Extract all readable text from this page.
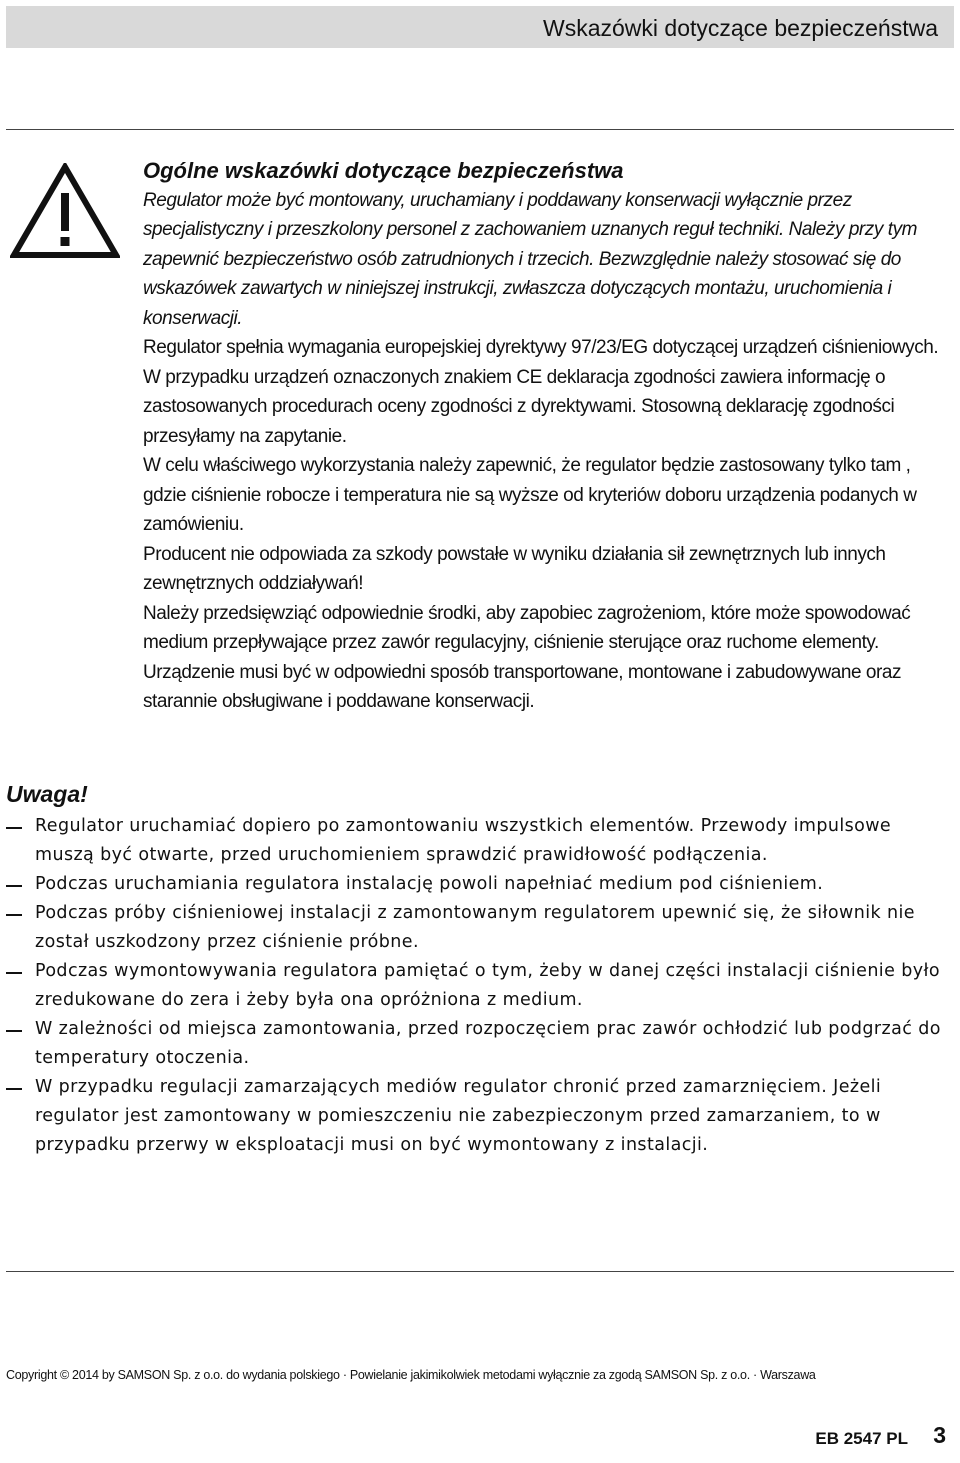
Wskazówki dotyczące bezpieczeństwa

Ogólne wskazówki dotyczące bezpieczeństwa

Regulator może być montowany, uruchamiany i poddawany konserwacji wyłącznie przez specjalistyczny i przeszkolony personel z zachowaniem uznanych reguł techniki. Należy przy tym zapewnić bezpieczeństwo osób zatrudnionych i trzecich. Bezwzględnie należy stosować się do wskazówek zawartych w niniejszej instrukcji, zwłaszcza dotyczących montażu, uruchomienia i konserwacji.

Regulator spełnia wymagania europejskiej dyrektywy 97/23/EG dotyczącej urządzeń ciśnieniowych. W przypadku urządzeń oznaczonych znakiem CE deklaracja zgodności zawiera informację o zastosowanych procedurach oceny zgodności z dyrektywami. Stosowną deklarację zgodności przesyłamy na zapytanie.

W celu właściwego wykorzystania należy zapewnić, że regulator będzie zastosowany tylko tam , gdzie ciśnienie robocze i temperatura nie są wyższe od kryteriów doboru urządzenia podanych w zamówieniu.

Producent nie odpowiada za szkody powstałe w wyniku działania sił zewnętrznych lub innych zewnętrznych oddziaływań!

Należy przedsięwziąć odpowiednie środki, aby zapobiec zagrożeniom, które może spowodować medium przepływające przez zawór regulacyjny, ciśnienie sterujące oraz ruchome elementy.

Urządzenie musi być w odpowiedni sposób transportowane, montowane i zabudowywane oraz starannie obsługiwane i poddawane konserwacji.

Uwaga!
Regulator uruchamiać dopiero po zamontowaniu wszystkich elementów. Przewody impulsowe muszą być otwarte, przed uruchomieniem sprawdzić prawidłowość podłączenia.
Podczas uruchamiania regulatora instalację powoli napełniać medium pod ciśnieniem.
Podczas próby ciśnieniowej instalacji z zamontowanym regulatorem upewnić się, że siłownik nie został uszkodzony przez ciśnienie próbne.
Podczas wymontowywania regulatora pamiętać o tym, żeby w danej części instalacji ciśnienie było zredukowane do zera i żeby była ona opróżniona z medium.
W zależności od miejsca zamontowania, przed rozpoczęciem prac zawór ochłodzić lub podgrzać do temperatury otoczenia.
W przypadku regulacji zamarzających mediów regulator chronić przed zamarznięciem. Jeżeli regulator jest zamontowany w pomieszczeniu nie zabezpieczonym przed zamarzaniem, to w przypadku przerwy w eksploatacji musi on być wymontowany z instalacji.
Copyright © 2014 by SAMSON Sp. z o.o. do wydania polskiego · Powielanie jakimikolwiek metodami wyłącznie za zgodą SAMSON Sp. z o.o. · Warszawa
EB 2547 PL 3
